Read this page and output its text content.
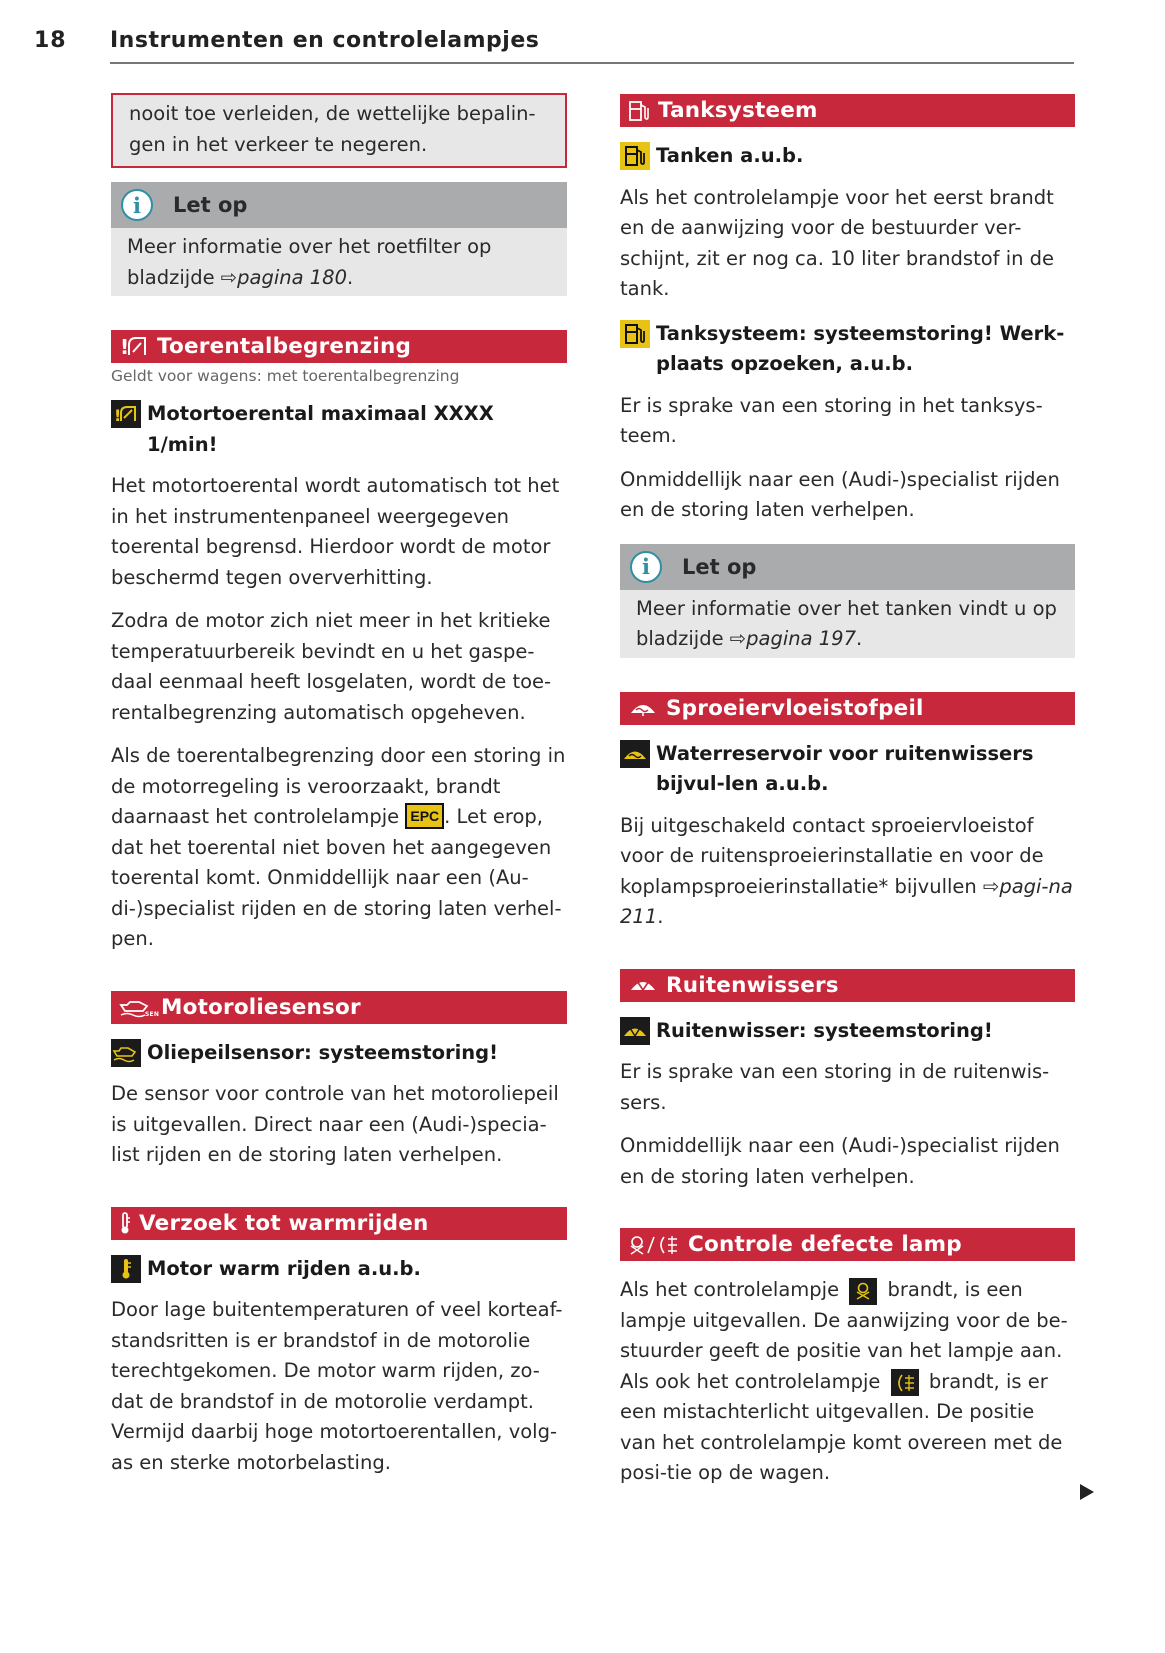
18 Instrumenten en controlelampjes
nooit toe verleiden, de wettelijke bepalin-gen in het verkeer te negeren.
i	Let op
Meer informatie over het roetfilter op bladzijde ⇨pagina 180.
! Toerentalbegrenzing
Geldt voor wagens: met toerentalbegrenzing
! Motortoerental maximaal XXXX 1/min!

Het motortoerental wordt automatisch tot het in het instrumentenpaneel weergegeven toerental begrensd. Hierdoor wordt de motor beschermd tegen oververhitting.

Zodra de motor zich niet meer in het kritieke temperatuurbereik bevindt en u het gaspe-daal eenmaal heeft losgelaten, wordt de toe-rentalbegrenzing automatisch opgeheven.

Als de toerentalbegrenzing door een storing in de motorregeling is veroorzaakt, brandt daarnaast het controlelampje EPC . Let erop, dat het toerental niet boven het aangegeven toerental komt. Onmiddellijk naar een (Au-di-)specialist rijden en de storing laten verhel-pen.

SEN Motoroliesensor
Oliepeilsensor: systeemstoring!

De sensor voor controle van het motoroliepeil is uitgevallen. Direct naar een (Audi-)specia-list rijden en de storing laten verhelpen.

Verzoek tot warmrijden
Motor warm rijden a.u.b.

Door lage buitentemperaturen of veel korteaf-standsritten is er brandstof in de motorolie terechtgekomen. De motor warm rijden, zo-dat de brandstof in de motorolie verdampt. Vermijd daarbij hoge motortoerentallen, volg-as en sterke motorbelasting.

Tanksysteem
Tanken a.u.b.

Als het controlelampje voor het eerst brandt en de aanwijzing voor de bestuurder ver-schijnt, zit er nog ca. 10 liter brandstof in de tank.

Tanksysteem: systeemstoring! Werk-plaats opzoeken, a.u.b.

Er is sprake van een storing in het tanksys-teem.

Onmiddellijk naar een (Audi-)specialist rijden en de storing laten verhelpen.

i	Let op
Meer informatie over het tanken vindt u op bladzijde ⇨pagina 197.
Sproeiervloeistofpeil
Waterreservoir voor ruitenwissers bijvul-len a.u.b.

Bij uitgeschakeld contact sproeiervloeistof voor de ruitensproeierinstallatie en voor de koplampsproeierinstallatie* bijvullen ⇨pagi-na 211.

Ruitenwissers
Ruitenwisser: systeemstoring!

Er is sprake van een storing in de ruitenwis-sers.

Onmiddellijk naar een (Audi-)specialist rijden en de storing laten verhelpen.

Controle defecte lamp

Als het controlelampje
brandt, is een lampje uitgevallen. De aanwijzing voor de be-stuurder geeft de positie van het lampje aan. Als ook het controlelampje
brandt, is er een mistachterlicht uitgevallen. De positie van het controlelampje komt overeen met de posi-tie op de wagen.
